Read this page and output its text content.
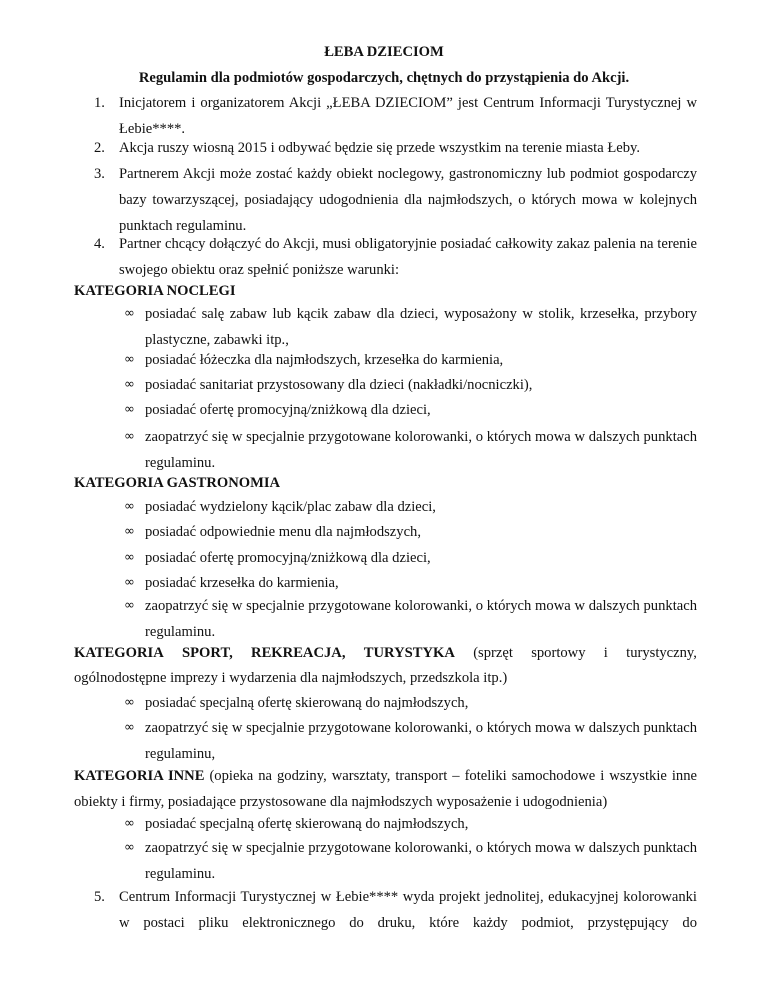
ŁEBA DZIECIOM
Regulamin dla podmiotów gospodarczych, chętnych do przystąpienia do Akcji.
1. Inicjatorem i organizatorem Akcji „ŁEBA DZIECIOM” jest Centrum Informacji Turystycznej w Łebie****.
2. Akcja ruszy wiosną 2015 i odbywać będzie się przede wszystkim na terenie miasta Łeby.
3. Partnerem Akcji może zostać każdy obiekt noclegowy, gastronomiczny lub podmiot gospodarczy bazy towarzyszącej, posiadający udogodnienia dla najmłodszych, o których mowa w kolejnych punktach regulaminu.
4. Partner chcący dołączyć do Akcji, musi obligatoryjnie posiadać całkowity zakaz palenia na terenie swojego obiektu oraz spełnić poniższe warunki:
KATEGORIA NOCLEGI
∞ posiadać salę zabaw lub kącik zabaw dla dzieci, wyposażony w stolik, krzesełka, przybory plastyczne, zabawki itp.,
∞ posiadać łóżeczka dla najmłodszych, krzesełka do karmienia,
∞ posiadać sanitariat przystosowany dla dzieci (nakładki/nocniczki),
∞ posiadać ofertę promocyjną/zniżkową dla dzieci,
∞ zaopatrzyć się w specjalnie przygotowane kolorowanki, o których mowa w dalszych punktach regulaminu.
KATEGORIA GASTRONOMIA
∞ posiadać wydzielony kącik/plac zabaw dla dzieci,
∞ posiadać odpowiednie menu dla najmłodszych,
∞ posiadać ofertę promocyjną/zniżkową dla dzieci,
∞ posiadać krzesełka do karmienia,
∞ zaopatrzyć się w specjalnie przygotowane kolorowanki, o których mowa w dalszych punktach regulaminu.
KATEGORIA SPORT, REKREACJA, TURYSTYKA (sprzęt sportowy i turystyczny,
ogólnodostępne imprezy i wydarzenia dla najmłodszych, przedszkola itp.)
∞ posiadać specjalną ofertę skierowaną do najmłodszych,
∞ zaopatrzyć się w specjalnie przygotowane kolorowanki, o których mowa w dalszych punktach regulaminu,
KATEGORIA INNE (opieka na godziny, warsztaty, transport – foteliki samochodowe i wszystkie inne obiekty i firmy, posiadające przystosowane dla najmłodszych wyposażenie i udogodnienia)
∞ posiadać specjalną ofertę skierowaną do najmłodszych,
∞ zaopatrzyć się w specjalnie przygotowane kolorowanki, o których mowa w dalszych punktach regulaminu.
5. Centrum Informacji Turystycznej w Łebie**** wyda projekt jednolitej, edukacyjnej kolorowanki w postaci pliku elektronicznego do druku, które każdy podmiot, przystępujący do
